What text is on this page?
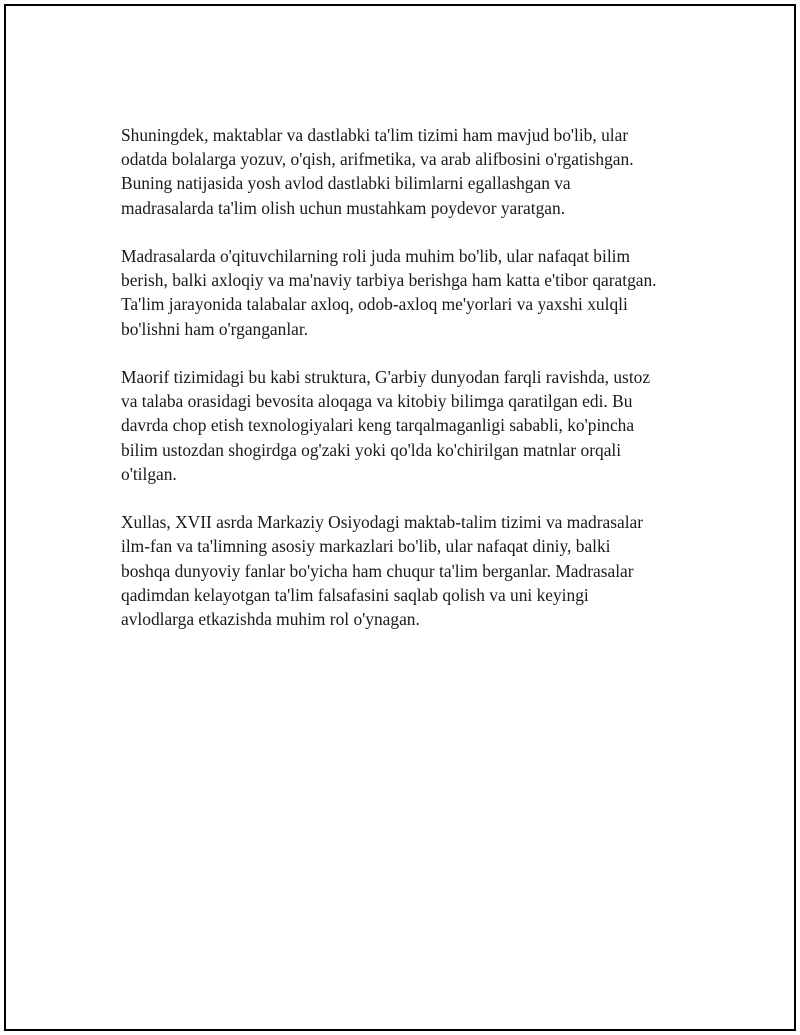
Shuningdek, maktablar va dastlabki ta'lim tizimi ham mavjud bo'lib, ular
odatda bolalarga yozuv, o'qish, arifmetika, va arab alifbosini o'rgatishgan.
Buning natijasida yosh avlod dastlabki bilimlarni egallashgan va
madrasalarda ta'lim olish uchun mustahkam poydevor yaratgan.

Madrasalarda o'qituvchilarning roli juda muhim bo'lib, ular nafaqat bilim
berish, balki axloqiy va ma'naviy tarbiya berishga ham katta e'tibor qaratgan.
Ta'lim jarayonida talabalar axloq, odob-axloq me'yorlari va yaxshi xulqli
bo'lishni ham o'rganganlar.

Maorif tizimidagi bu kabi struktura, G'arbiy dunyodan farqli ravishda, ustoz
va talaba orasidagi bevosita aloqaga va kitobiy bilimga qaratilgan edi. Bu
davrda chop etish texnologiyalari keng tarqalmaganligi sababli, ko'pincha
bilim ustozdan shogirdga og'zaki yoki qo'lda ko'chirilgan matnlar orqali
o'tilgan.

Xullas, XVII asrda Markaziy Osiyodagi maktab-talim tizimi va madrasalar
ilm-fan va ta'limning asosiy markazlari bo'lib, ular nafaqat diniy, balki
boshqa dunyoviy fanlar bo'yicha ham chuqur ta'lim berganlar. Madrasalar
qadimdan kelayotgan ta'lim falsafasini saqlab qolish va uni keyingi
avlodlarga etkazishda muhim rol o'ynagan.
